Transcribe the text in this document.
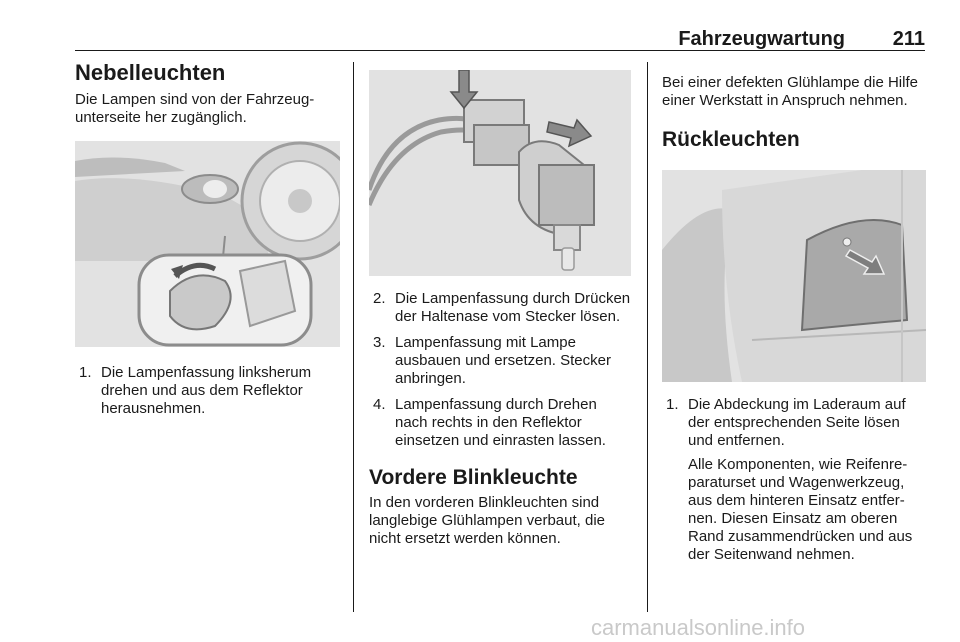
Fahrzeugwartung 211
Nebelleuchten

Die Lampen sind von der Fahrzeug-unterseite her zugänglich.

1. Die Lampenfassung linksherum drehen und aus dem Reflektor herausnehmen.
2. Die Lampenfassung durch Drücken der Haltenase vom Stecker lösen.
3. Lampenfassung mit Lampe ausbauen und ersetzen. Stecker anbringen.
4. Lampenfassung durch Drehen nach rechts in den Reflektor einsetzen und einrasten lassen.
Vordere Blinkleuchte

In den vorderen Blinkleuchten sind langlebige Glühlampen verbaut, die nicht ersetzt werden können.

Bei einer defekten Glühlampe die Hilfe einer Werkstatt in Anspruch nehmen.

Rückleuchten
1. Die Abdeckung im Laderaum auf der entsprechenden Seite lösen und entfernen.
Alle Komponenten, wie Reifenre-paraturset und Wagenwerkzeug, aus dem hinteren Einsatz entfer-nen. Diesen Einsatz am oberen Rand zusammendrücken und aus der Seitenwand nehmen.
carmanualsonline.info
